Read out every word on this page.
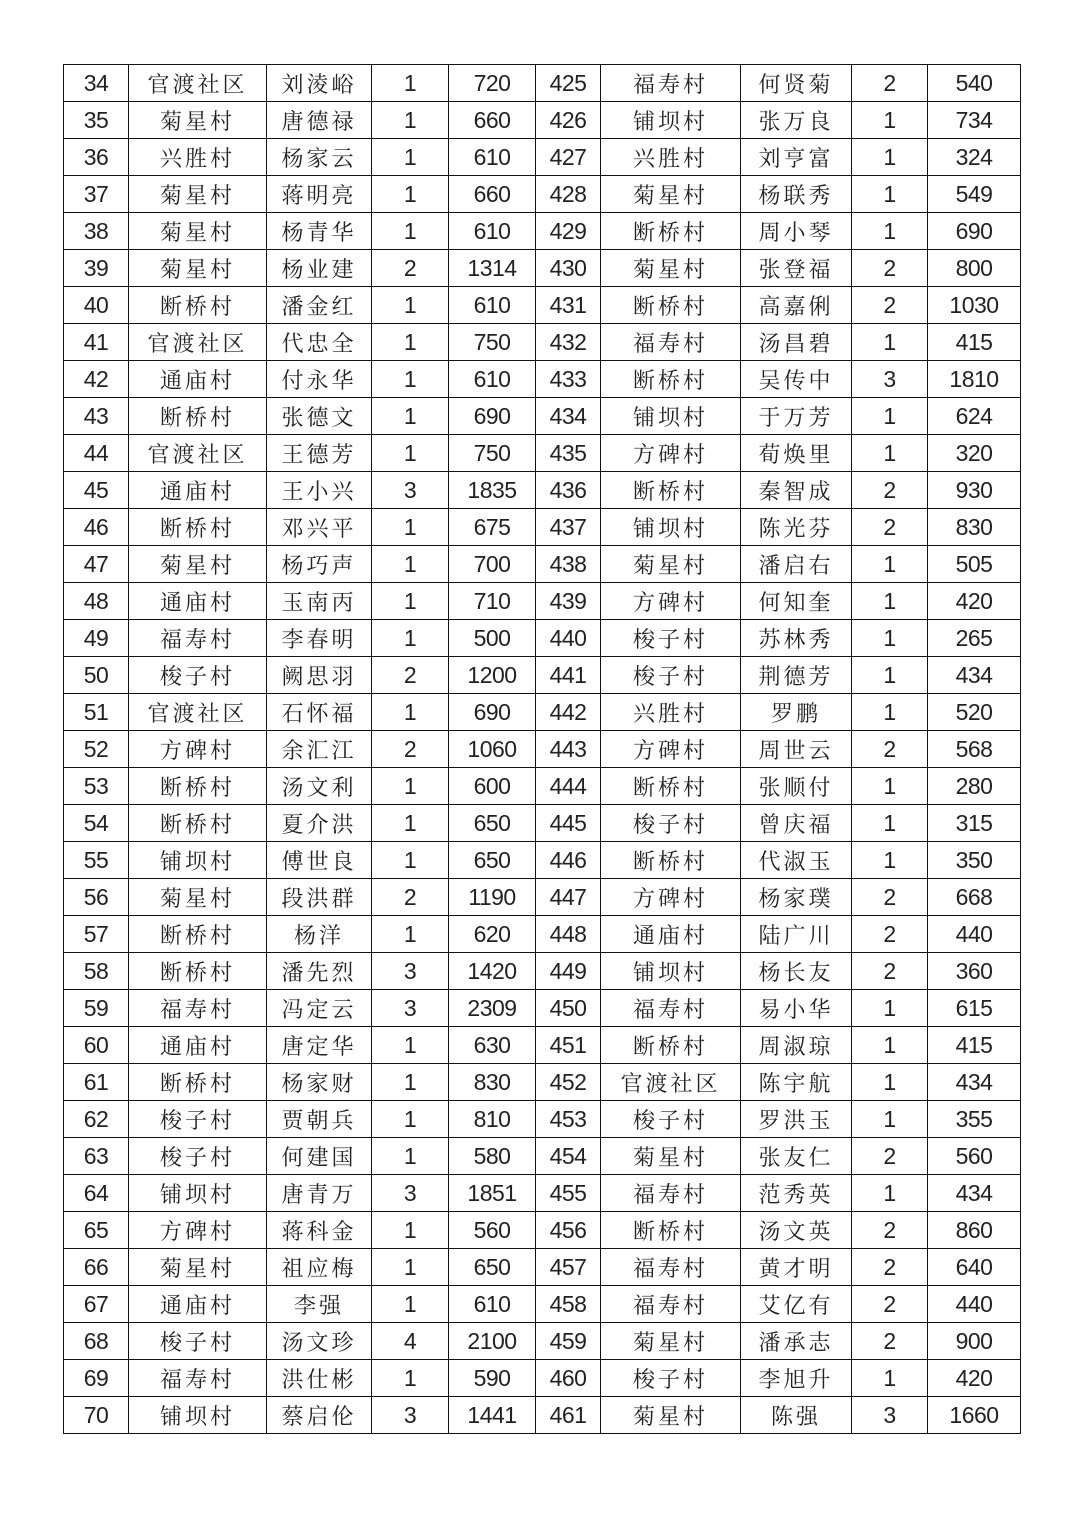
34	官渡社区	刘淩峪	1	720	425	福寿村	何贤菊	2	540
35	菊星村	唐德禄	1	660	426	铺坝村	张万良	1	734
36	兴胜村	杨家云	1	610	427	兴胜村	刘亨富	1	324
37	菊星村	蒋明亮	1	660	428	菊星村	杨联秀	1	549
38	菊星村	杨青华	1	610	429	断桥村	周小琴	1	690
39	菊星村	杨业建	2	1314	430	菊星村	张登福	2	800
40	断桥村	潘金红	1	610	431	断桥村	高嘉俐	2	1030
41	官渡社区	代忠全	1	750	432	福寿村	汤昌碧	1	415
42	通庙村	付永华	1	610	433	断桥村	吴传中	3	1810
43	断桥村	张德文	1	690	434	铺坝村	于万芳	1	624
44	官渡社区	王德芳	1	750	435	方碑村	荀焕里	1	320
45	通庙村	王小兴	3	1835	436	断桥村	秦智成	2	930
46	断桥村	邓兴平	1	675	437	铺坝村	陈光芬	2	830
47	菊星村	杨巧声	1	700	438	菊星村	潘启右	1	505
48	通庙村	玉南丙	1	710	439	方碑村	何知奎	1	420
49	福寿村	李春明	1	500	440	梭子村	苏林秀	1	265
50	梭子村	阙思羽	2	1200	441	梭子村	荆德芳	1	434
51	官渡社区	石怀福	1	690	442	兴胜村	罗鹏	1	520
52	方碑村	余汇江	2	1060	443	方碑村	周世云	2	568
53	断桥村	汤文利	1	600	444	断桥村	张顺付	1	280
54	断桥村	夏介洪	1	650	445	梭子村	曾庆福	1	315
55	铺坝村	傅世良	1	650	446	断桥村	代淑玉	1	350
56	菊星村	段洪群	2	1190	447	方碑村	杨家璞	2	668
57	断桥村	杨洋	1	620	448	通庙村	陆广川	2	440
58	断桥村	潘先烈	3	1420	449	铺坝村	杨长友	2	360
59	福寿村	冯定云	3	2309	450	福寿村	易小华	1	615
60	通庙村	唐定华	1	630	451	断桥村	周淑琼	1	415
61	断桥村	杨家财	1	830	452	官渡社区	陈宇航	1	434
62	梭子村	贾朝兵	1	810	453	梭子村	罗洪玉	1	355
63	梭子村	何建国	1	580	454	菊星村	张友仁	2	560
64	铺坝村	唐青万	3	1851	455	福寿村	范秀英	1	434
65	方碑村	蒋科金	1	560	456	断桥村	汤文英	2	860
66	菊星村	祖应梅	1	650	457	福寿村	黄才明	2	640
67	通庙村	李强	1	610	458	福寿村	艾亿有	2	440
68	梭子村	汤文珍	4	2100	459	菊星村	潘承志	2	900
69	福寿村	洪仕彬	1	590	460	梭子村	李旭升	1	420
70	铺坝村	蔡启伦	3	1441	461	菊星村	陈强	3	1660
